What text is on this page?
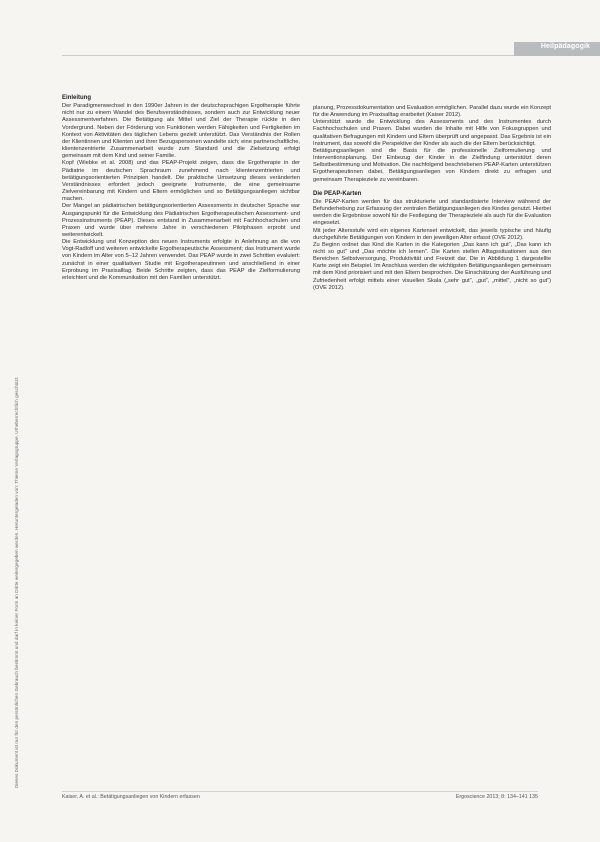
Heilpädagogik
Dieses Dokument ist nur für den persönlichen Gebrauch bestimmt und darf in keiner Form an Dritte weitergegeben werden. Heruntergeladen von: Thieme Verlagsgruppe. Urheberrechtlich geschützt.

Einleitung

Der Paradigmenwechsel in den 1990er Jahren in der deutschsprachigen Ergotherapie führte nicht nur zu einem Wandel des Berufsverständnisses, sondern auch zur Entwicklung neuer Assessmentverfahren. Die Betätigung als Mittel und Ziel der Therapie rückte in den Vordergrund. Neben der Förderung von Funktionen werden Fähigkeiten und Fertigkeiten im Kontext von Aktivitäten des täglichen Lebens gezielt unterstützt. Das Verständnis der Rollen der Klientinnen und Klienten und ihrer Bezugspersonen wandelte sich; eine partnerschaftliche, klientenzentrierte Zusammenarbeit wurde zum Standard und die Zielsetzung erfolgt gemeinsam mit dem Kind und seiner Familie.

Kopf (Wiebke et al. 2008) und das PEAP-Projekt zeigen, dass die Ergotherapie in der Pädiatrie im deutschen Sprachraum zunehmend nach klientenzentrierten und betätigungsorientierten Prinzipien handelt. Die praktische Umsetzung dieses veränderten Verständnisses erfordert jedoch geeignete Instrumente, die eine gemeinsame Zielvereinbarung mit Kindern und Eltern ermöglichen und so Betätigungsanliegen sichtbar machen.

Der Mangel an pädiatrischen betätigungsorientierten Assessments in deutscher Sprache war Ausgangspunkt für die Entwicklung des Pädiatrischen Ergotherapeutischen Assessment- und Prozessinstruments (PEAP). Dieses entstand in Zusammenarbeit mit Fachhochschulen und Praxen und wurde über mehrere Jahre in verschiedenen Pilotphasen erprobt und weiterentwickelt.

Die Entwicklung und Konzeption des neuen Instruments erfolgte in Anlehnung an die von Vogt-Radloff und weiteren entwickelte Ergotherapeutische Assessment; das Instrument wurde von Kindern im Alter von 5–12 Jahren verwendet. Das PEAP wurde in zwei Schritten evaluiert: zunächst in einer qualitativen Studie mit Ergotherapeutinnen und anschließend in einer Erprobung im Praxisalltag. Beide Schritte zeigten, dass das PEAP die Zielformulierung erleichtert und die Kommunikation mit den Familien unterstützt.

planung, Prozessdokumentation und Evaluation ermöglichen. Parallel dazu wurde ein Konzept für die Anwendung im Praxisalltag erarbeitet (Kaiser 2012).

Unterstützt wurde die Entwicklung des Assessments und des Instrumentes durch Fachhochschulen und Praxen. Dabei wurden die Inhalte mit Hilfe von Fokusgruppen und qualitativen Befragungen mit Kindern und Eltern überprüft und angepasst. Das Ergebnis ist ein Instrument, das sowohl die Perspektive der Kinder als auch die der Eltern berücksichtigt.

Betätigungsanliegen sind die Basis für die professionelle Zielformulierung und Interventionsplanung. Der Einbezug der Kinder in die Zielfindung unterstützt deren Selbstbestimmung und Motivation. Die nachfolgend beschriebenen PEAP-Karten unterstützen Ergotherapeutinnen dabei, Betätigungsanliegen von Kindern direkt zu erfragen und gemeinsam Therapieziele zu vereinbaren.

Die PEAP-Karten

Die PEAP-Karten werden für das strukturierte und standardisierte Interview während der Befunderhebung zur Erfassung der zentralen Betätigungsanliegen des Kindes genutzt. Hierbei werden die Ergebnisse sowohl für die Festlegung der Therapieziele als auch für die Evaluation eingesetzt.

Mit jeder Altersstufe wird ein eigenes Kartenset entwickelt, das jeweils typische und häufig durchgeführte Betätigungen von Kindern in den jeweiligen Alter erfasst (OVE 2012).

Zu Beginn ordnet das Kind die Karten in die Kategorien „Das kann ich gut“, „Das kann ich nicht so gut“ und „Das möchte ich lernen“. Die Karten stellen Alltagssituationen aus den Bereichen Selbstversorgung, Produktivität und Freizeit dar. Die in Abbildung 1 dargestellte Karte zeigt ein Beispiel. Im Anschluss werden die wichtigsten Betätigungsanliegen gemeinsam mit dem Kind priorisiert und mit den Eltern besprochen. Die Einschätzung der Ausführung und Zufriedenheit erfolgt mittels einer visuellen Skala („sehr gut“, „gut“, „mittel“, „nicht so gut“) (OVE 2012).

Kaiser, A. et al.: Betätigungsanliegen von Kindern erfassen	Ergoscience 2013; 8: 134–141 135
